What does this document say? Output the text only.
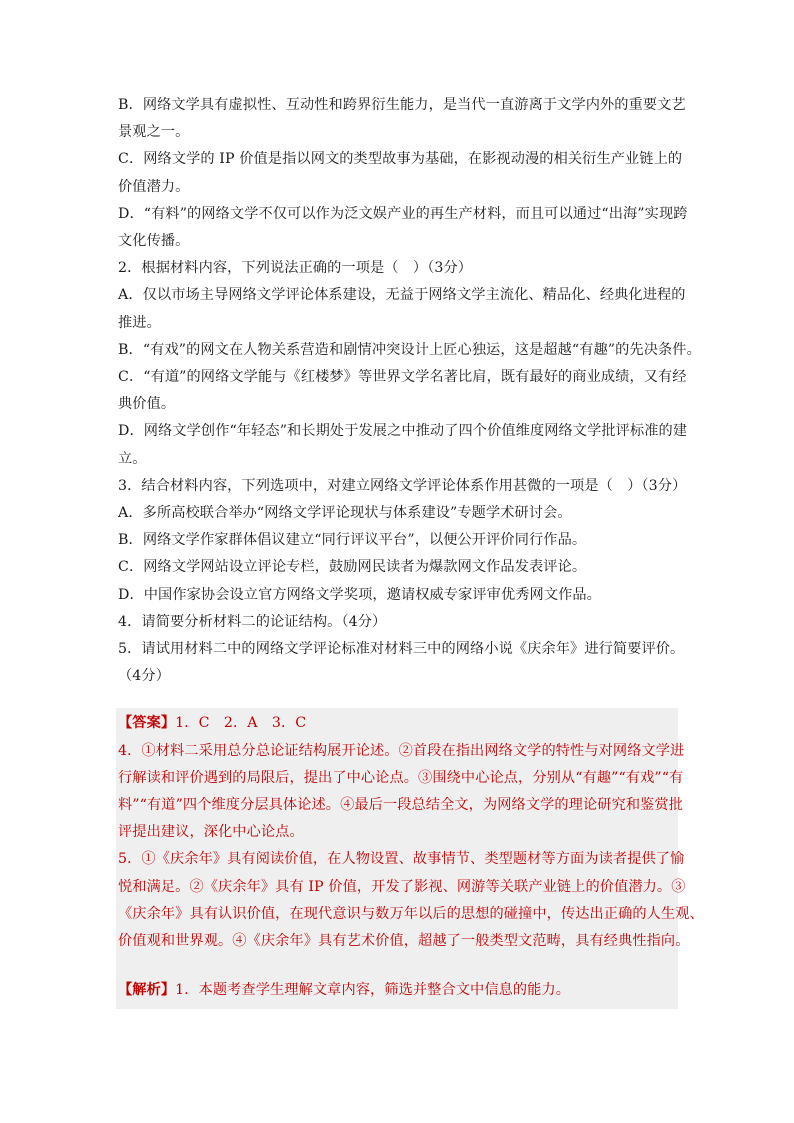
B．网络文学具有虚拟性、互动性和跨界衍生能力，是当代一直游离于文学内外的重要文艺
景观之一。
C．网络文学的 IP 价值是指以网文的类型故事为基础，在影视动漫的相关衍生产业链上的
价值潜力。
D．“有料”的网络文学不仅可以作为泛文娱产业的再生产材料，而且可以通过“出海”实现跨
文化传播。
2．根据材料内容，下列说法正确的一项是（　）（3分）
A．仅以市场主导网络文学评论体系建设，无益于网络文学主流化、精品化、经典化进程的
推进。
B．“有戏”的网文在人物关系营造和剧情冲突设计上匠心独运，这是超越“有趣”的先决条件。
C．“有道”的网络文学能与《红楼梦》等世界文学名著比肩，既有最好的商业成绩，又有经
典价值。
D．网络文学创作“年轻态”和长期处于发展之中推动了四个价值维度网络文学批评标准的建
立。
3．结合材料内容，下列选项中，对建立网络文学评论体系作用甚微的一项是（　）（3分）
A．多所高校联合举办“网络文学评论现状与体系建设”专题学术研讨会。
B．网络文学作家群体倡议建立“同行评议平台”，以便公开评价同行作品。
C．网络文学网站设立评论专栏，鼓励网民读者为爆款网文作品发表评论。
D．中国作家协会设立官方网络文学奖项，邀请权威专家评审优秀网文作品。
4．请简要分析材料二的论证结构。（4分）
5．请试用材料二中的网络文学评论标准对材料三中的网络小说《庆余年》进行简要评价。
（4分）
【答案】1．C　2．A　3．C
4．①材料二采用总分总论证结构展开论述。②首段在指出网络文学的特性与对网络文学进
行解读和评价遇到的局限后，提出了中心论点。③围绕中心论点，分别从“有趣”“有戏”“有
料”“有道”四个维度分层具体论述。④最后一段总结全文，为网络文学的理论研究和鉴赏批
评提出建议，深化中心论点。
5．①《庆余年》具有阅读价值，在人物设置、故事情节、类型题材等方面为读者提供了愉
悦和满足。②《庆余年》具有 IP 价值，开发了影视、网游等关联产业链上的价值潜力。③
《庆余年》具有认识价值，在现代意识与数万年以后的思想的碰撞中，传达出正确的人生观、
价值观和世界观。④《庆余年》具有艺术价值，超越了一般类型文范畴，具有经典性指向。
【解析】1．本题考查学生理解文章内容，筛选并整合文中信息的能力。
